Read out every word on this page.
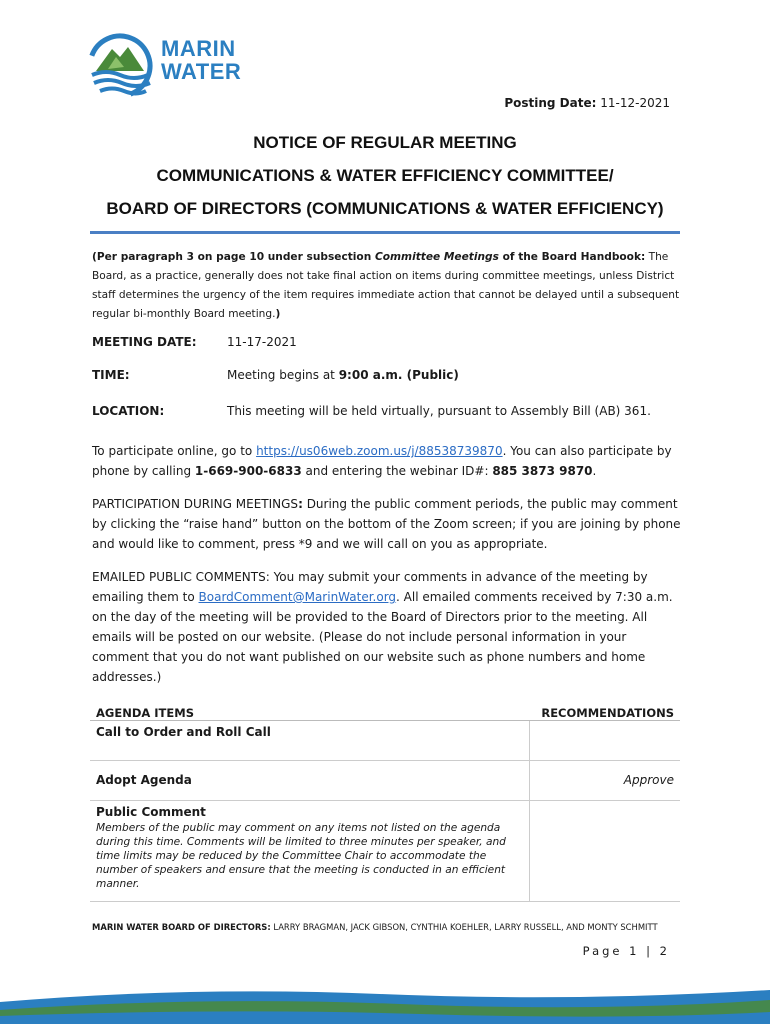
MARIN
WATER
Posting Date: 11-12-2021
NOTICE OF REGULAR MEETING
COMMUNICATIONS & WATER EFFICIENCY COMMITTEE/
BOARD OF DIRECTORS (COMMUNICATIONS & WATER EFFICIENCY)
(Per paragraph 3 on page 10 under subsection Committee Meetings of the Board Handbook: The Board, as a practice, generally does not take final action on items during committee meetings, unless District staff determines the urgency of the item requires immediate action that cannot be delayed until a subsequent regular bi-monthly Board meeting.)
MEETING DATE:	11-17-2021
TIME:	Meeting begins at 9:00 a.m. (Public)
LOCATION:	This meeting will be held virtually, pursuant to Assembly Bill (AB) 361.
To participate online, go to https://us06web.zoom.us/j/88538739870. You can also participate by phone by calling 1-669-900-6833 and entering the webinar ID#: 885 3873 9870.
PARTICIPATION DURING MEETINGS: During the public comment periods, the public may comment by clicking the “raise hand” button on the bottom of the Zoom screen; if you are joining by phone and would like to comment, press *9 and we will call on you as appropriate.
EMAILED PUBLIC COMMENTS: You may submit your comments in advance of the meeting by emailing them to BoardComment@MarinWater.org. All emailed comments received by 7:30 a.m. on the day of the meeting will be provided to the Board of Directors prior to the meeting. All emails will be posted on our website. (Please do not include personal information in your comment that you do not want published on our website such as phone numbers and home addresses.)
AGENDA ITEMS	RECOMMENDATIONS

Call to Order and Roll Call	

Adopt Agenda	Approve

Public Comment
Members of the public may comment on any items not listed on the agenda during this time. Comments will be limited to three minutes per speaker, and time limits may be reduced by the Committee Chair to accommodate the number of speakers and ensure that the meeting is conducted in an efficient manner.	

MARIN WATER BOARD OF DIRECTORS: LARRY BRAGMAN, JACK GIBSON, CYNTHIA KOEHLER, LARRY RUSSELL, AND MONTY SCHMITT
Page 1 | 2
